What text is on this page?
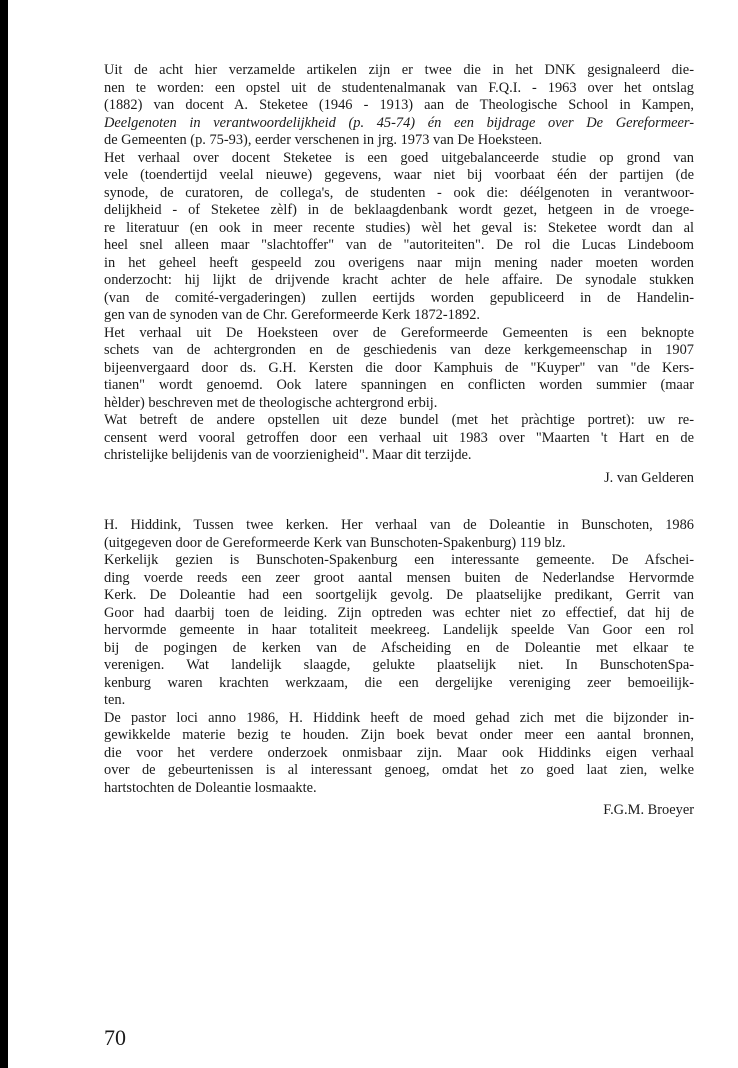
Uit de acht hier verzamelde artikelen zijn er twee die in het DNK gesignaleerd die-
nen te worden: een opstel uit de studentenalmanak van F.Q.I. - 1963 over het ontslag
(1882) van docent A. Steketee (1946 - 1913) aan de Theologische School in Kampen,
Deelgenoten in verantwoordelijkheid (p. 45-74) én een bijdrage over De Gereformeer-
de Gemeenten (p. 75-93), eerder verschenen in jrg. 1973 van De Hoeksteen.
Het verhaal over docent Steketee is een goed uitgebalanceerde studie op grond van
vele (toendertijd veelal nieuwe) gegevens, waar niet bij voorbaat één der partijen (de
synode, de curatoren, de collega's, de studenten - ook die: déélgenoten in verantwoor-
delijkheid - of Steketee zèlf) in de beklaagdenbank wordt gezet, hetgeen in de vroege-
re literatuur (en ook in meer recente studies) wèl het geval is: Steketee wordt dan al
heel snel alleen maar "slachtoffer" van de "autoriteiten". De rol die Lucas Lindeboom
in het geheel heeft gespeeld zou overigens naar mijn mening nader moeten worden
onderzocht: hij lijkt de drijvende kracht achter de hele affaire. De synodale stukken
(van de comité-vergaderingen) zullen eertijds worden gepubliceerd in de Handelin-
gen van de synoden van de Chr. Gereformeerde Kerk 1872-1892.
Het verhaal uit De Hoeksteen over de Gereformeerde Gemeenten is een beknopte
schets van de achtergronden en de geschiedenis van deze kerkgemeenschap in 1907
bijeenvergaard door ds. G.H. Kersten die door Kamphuis de "Kuyper" van "de Kers-
tianen" wordt genoemd. Ook latere spanningen en conflicten worden summier (maar
hèlder) beschreven met de theologische achtergrond erbij.
Wat betreft de andere opstellen uit deze bundel (met het pràchtige portret): uw re-
censent werd vooral getroffen door een verhaal uit 1983 over "Maarten 't Hart en de
christelijke belijdenis van de voorzienigheid". Maar dit terzijde.
J. van Gelderen
H. Hiddink, Tussen twee kerken. Her verhaal van de Doleantie in Bunschoten, 1986
(uitgegeven door de Gereformeerde Kerk van Bunschoten-Spakenburg) 119 blz.
Kerkelijk gezien is Bunschoten-Spakenburg een interessante gemeente. De Afschei-
ding voerde reeds een zeer groot aantal mensen buiten de Nederlandse Hervormde
Kerk. De Doleantie had een soortgelijk gevolg. De plaatselijke predikant, Gerrit van
Goor had daarbij toen de leiding. Zijn optreden was echter niet zo effectief, dat hij de
hervormde gemeente in haar totaliteit meekreeg. Landelijk speelde Van Goor een rol
bij de pogingen de kerken van de Afscheiding en de Doleantie met elkaar te
verenigen. Wat landelijk slaagde, gelukte plaatselijk niet. In BunschotenSpa-
kenburg waren krachten werkzaam, die een dergelijke vereniging zeer bemoeilijk-
ten.
De pastor loci anno 1986, H. Hiddink heeft de moed gehad zich met die bijzonder in-
gewikkelde materie bezig te houden. Zijn boek bevat onder meer een aantal bronnen,
die voor het verdere onderzoek onmisbaar zijn. Maar ook Hiddinks eigen verhaal
over de gebeurtenissen is al interessant genoeg, omdat het zo goed laat zien, welke
hartstochten de Doleantie losmaakte.
F.G.M. Broeyer
70
